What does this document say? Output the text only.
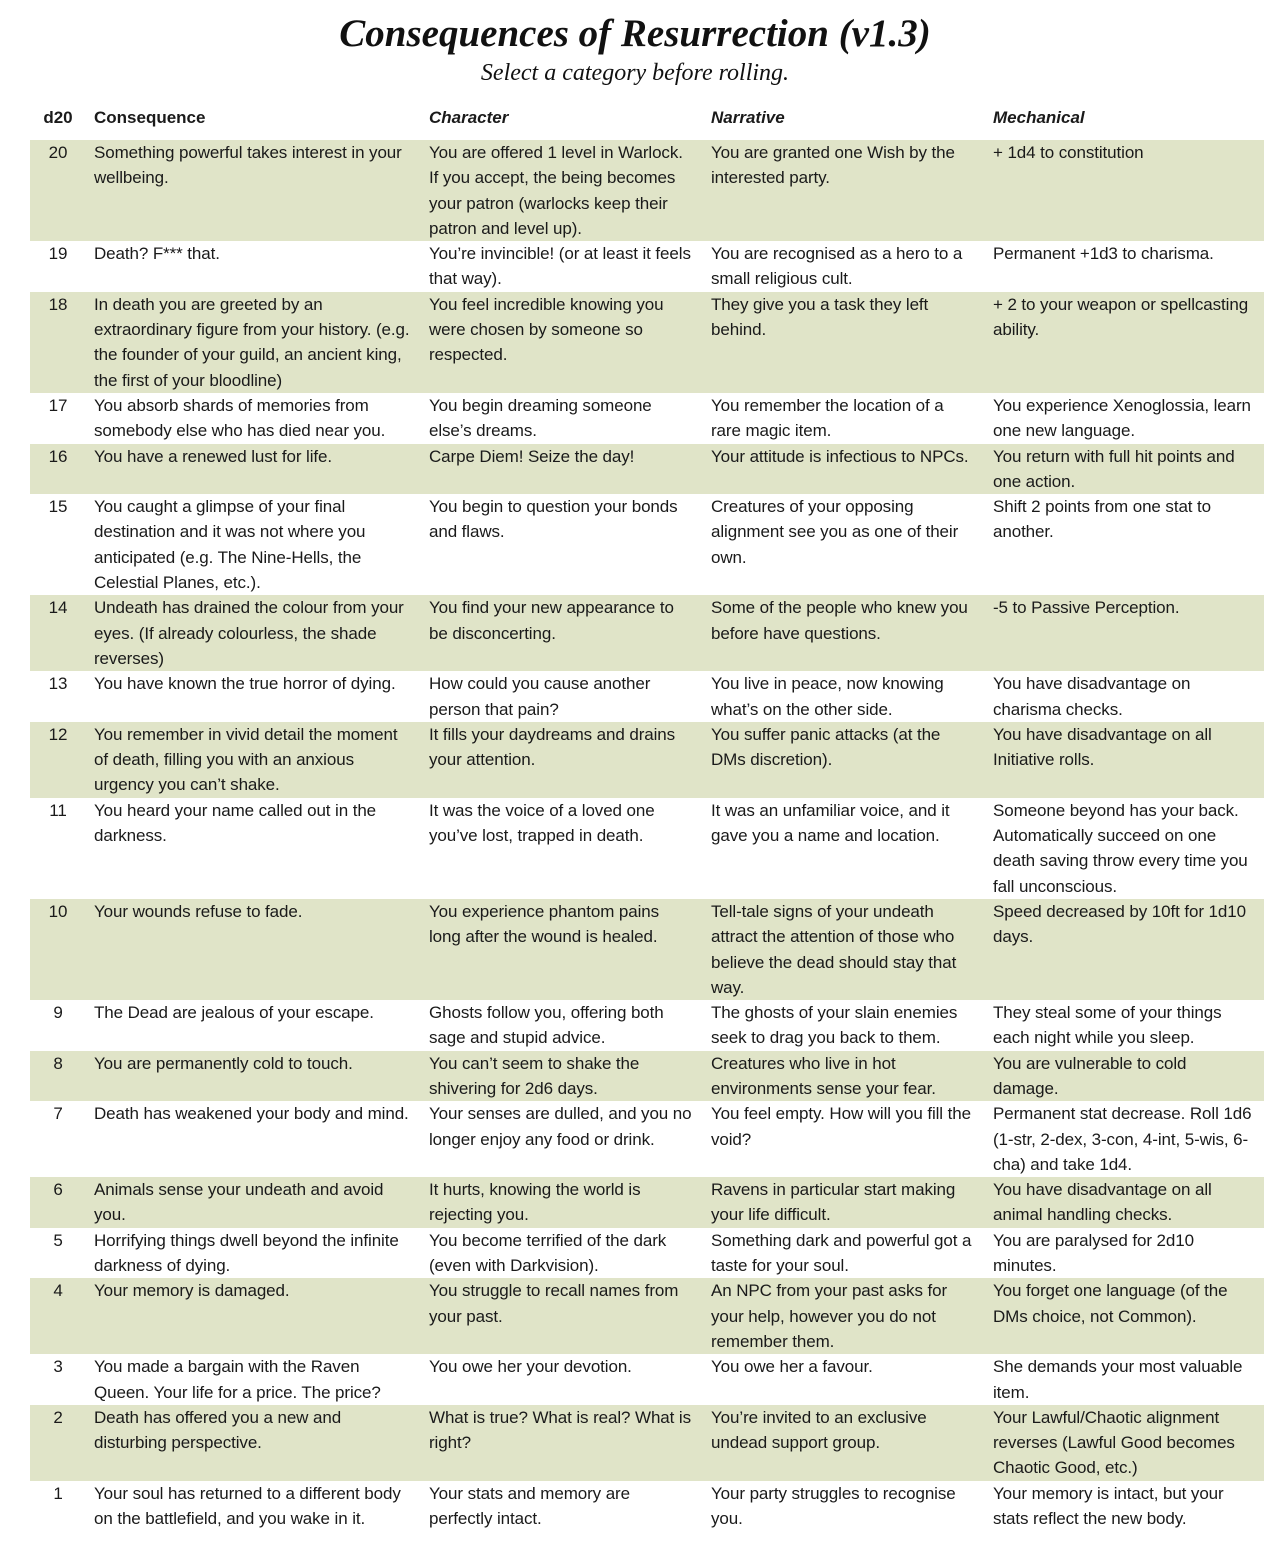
Consequences of Resurrection (v1.3)
Select a category before rolling.
d20	Consequence	Character	Narrative	Mechanical
20	Something powerful takes interest in your wellbeing.	You are offered 1 level in Warlock. If you accept, the being becomes your patron (warlocks keep their patron and level up).	You are granted one Wish by the interested party.	+ 1d4 to constitution
19	Death? F*** that.	You’re invincible! (or at least it feels that way).	You are recognised as a hero to a small religious cult.	Permanent +1d3 to charisma.
18	In death you are greeted by an extraordinary figure from your history. (e.g. the founder of your guild, an ancient king, the first of your bloodline)	You feel incredible knowing you were chosen by someone so respected.	They give you a task they left behind.	+ 2 to your weapon or spellcasting ability.
17	You absorb shards of memories from somebody else who has died near you.	You begin dreaming someone else’s dreams.	You remember the location of a rare magic item.	You experience Xenoglossia, learn one new language.
16	You have a renewed lust for life.	Carpe Diem! Seize the day!	Your attitude is infectious to NPCs.	You return with full hit points and one action.
15	You caught a glimpse of your final destination and it was not where you anticipated (e.g. The Nine-Hells, the Celestial Planes, etc.).	You begin to question your bonds and flaws.	Creatures of your opposing alignment see you as one of their own.	Shift 2 points from one stat to another.
14	Undeath has drained the colour from your eyes. (If already colourless, the shade reverses)	You find your new appearance to be disconcerting.	Some of the people who knew you before have questions.	-5 to Passive Perception.
13	You have known the true horror of dying.	How could you cause another person that pain?	You live in peace, now knowing what’s on the other side.	You have disadvantage on charisma checks.
12	You remember in vivid detail the moment of death, filling you with an anxious urgency you can’t shake.	It fills your daydreams and drains your attention.	You suffer panic attacks (at the DMs discretion).	You have disadvantage on all Initiative rolls.
11	You heard your name called out in the darkness.	It was the voice of a loved one you’ve lost, trapped in death.	It was an unfamiliar voice, and it gave you a name and location.	Someone beyond has your back. Automatically succeed on one death saving throw every time you fall unconscious.
10	Your wounds refuse to fade.	You experience phantom pains long after the wound is healed.	Tell-tale signs of your undeath attract the attention of those who believe the dead should stay that way.	Speed decreased by 10ft for 1d10 days.
9	The Dead are jealous of your escape.	Ghosts follow you, offering both sage and stupid advice.	The ghosts of your slain enemies seek to drag you back to them.	They steal some of your things each night while you sleep.
8	You are permanently cold to touch.	You can’t seem to shake the shivering for 2d6 days.	Creatures who live in hot environments sense your fear.	You are vulnerable to cold damage.
7	Death has weakened your body and mind.	Your senses are dulled, and you no longer enjoy any food or drink.	You feel empty. How will you fill the void?	Permanent stat decrease. Roll 1d6 (1-str, 2-dex, 3-con, 4-int, 5-wis, 6-cha) and take 1d4.
6	Animals sense your undeath and avoid you.	It hurts, knowing the world is rejecting you.	Ravens in particular start making your life difficult.	You have disadvantage on all animal handling checks.
5	Horrifying things dwell beyond the infinite darkness of dying.	You become terrified of the dark (even with Darkvision).	Something dark and powerful got a taste for your soul.	You are paralysed for 2d10 minutes.
4	Your memory is damaged.	You struggle to recall names from your past.	An NPC from your past asks for your help, however you do not remember them.	You forget one language (of the DMs choice, not Common).
3	You made a bargain with the Raven Queen. Your life for a price. The price?	You owe her your devotion.	You owe her a favour.	She demands your most valuable item.
2	Death has offered you a new and disturbing perspective.	What is true? What is real? What is right?	You’re invited to an exclusive undead support group.	Your Lawful/Chaotic alignment reverses (Lawful Good becomes Chaotic Good, etc.)
1	Your soul has returned to a different body on the battlefield, and you wake in it.	Your stats and memory are perfectly intact.	Your party struggles to recognise you.	Your memory is intact, but your stats reflect the new body.
